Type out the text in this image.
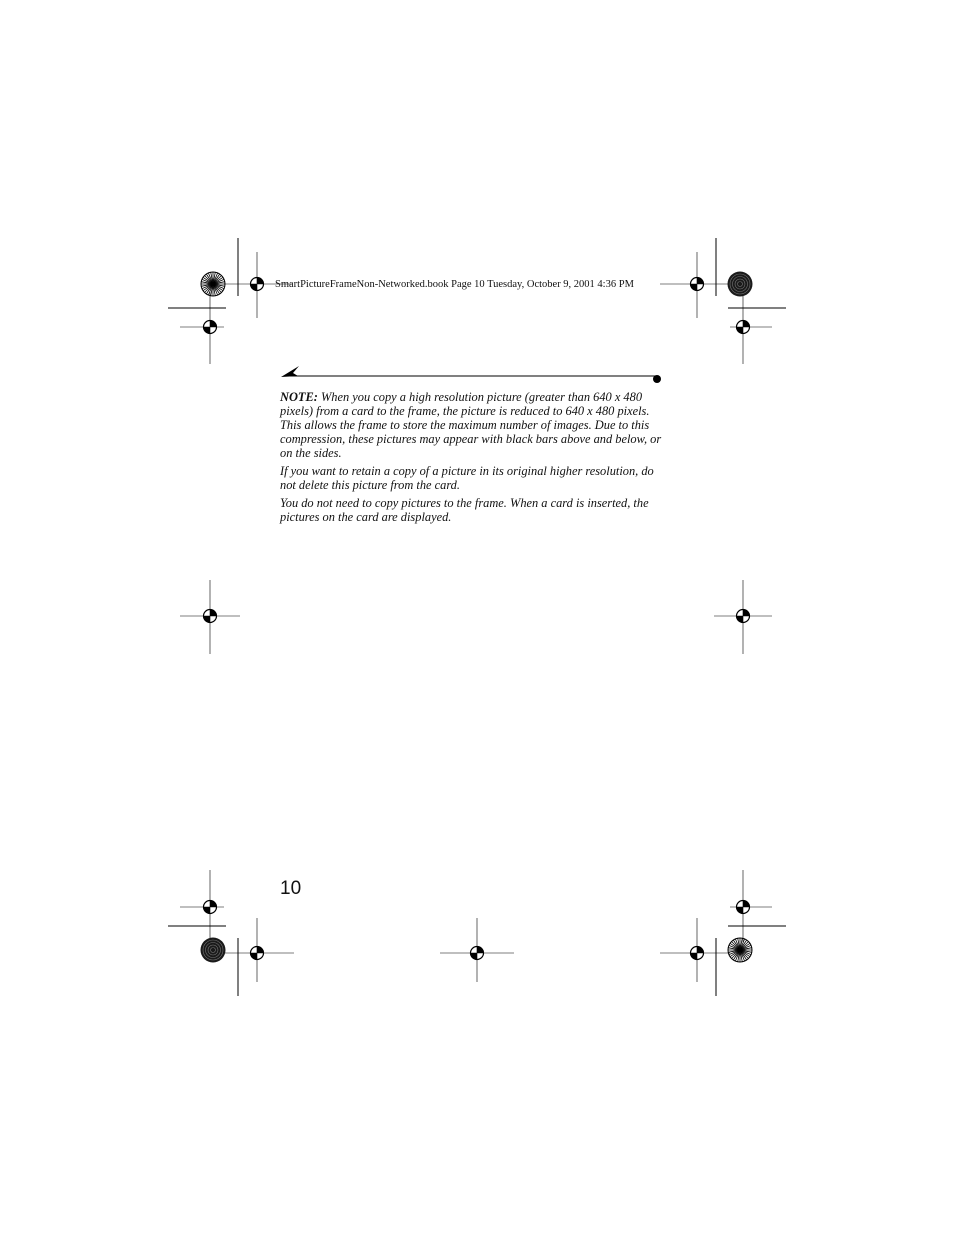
SmartPictureFrameNon-Networked.book Page 10 Tuesday, October 9, 2001 4:36 PM

NOTE: When you copy a high resolution picture (greater than 640 x 480 pixels) from a card to the frame, the picture is reduced to 640 x 480 pixels. This allows the frame to store the maximum number of images. Due to this compression, these pictures may appear with black bars above and below, or on the sides.

If you want to retain a copy of a picture in its original higher resolution, do not delete this picture from the card.

You do not need to copy pictures to the frame. When a card is inserted, the pictures on the card are displayed.

10
